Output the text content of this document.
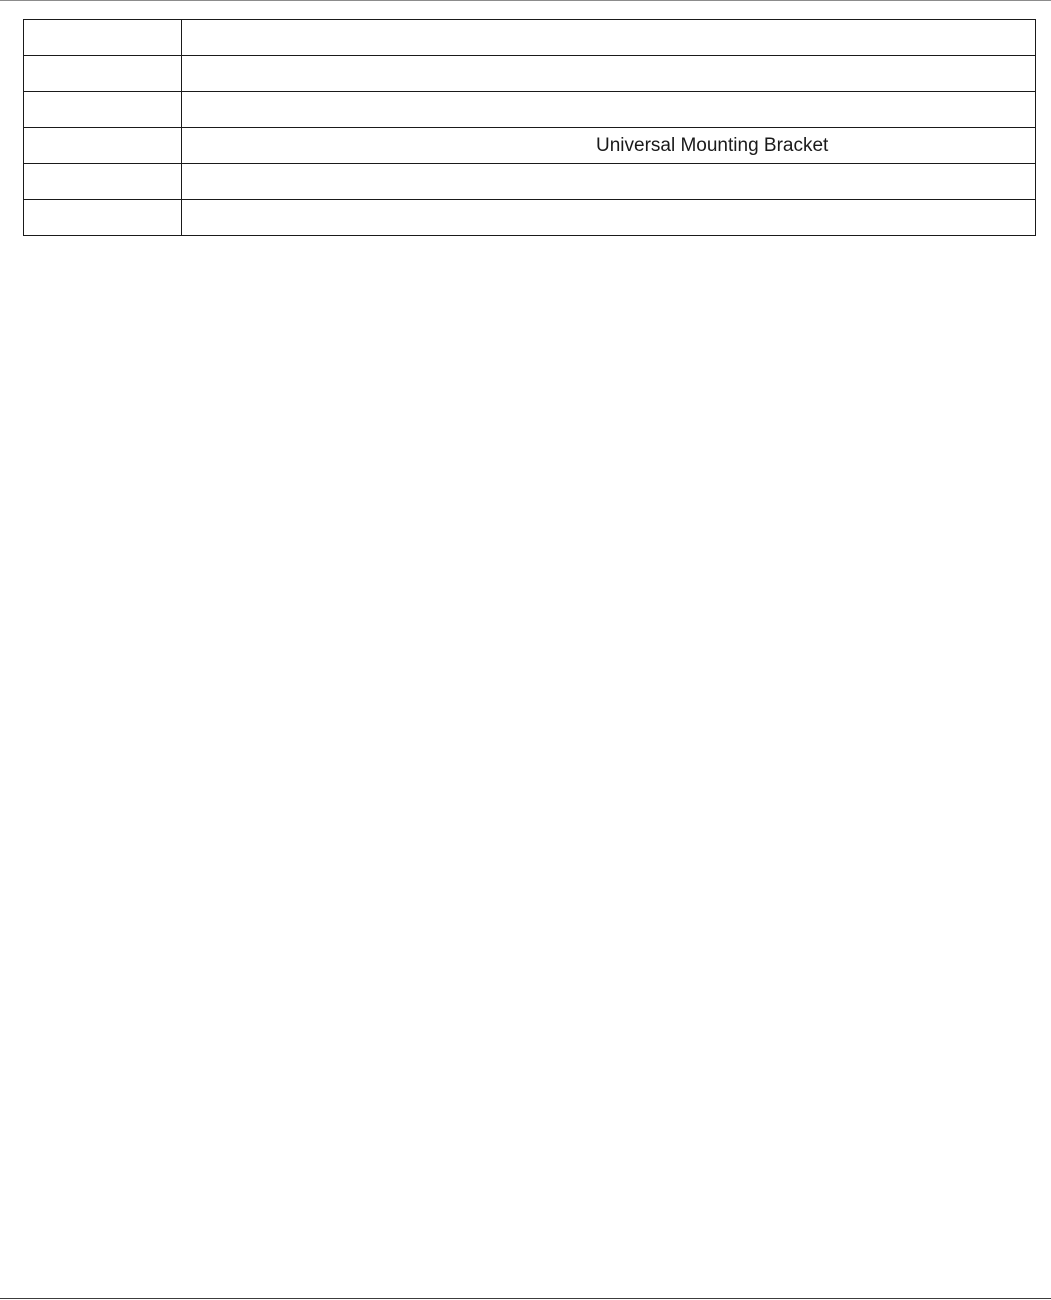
	Universal Mounting Bracket
